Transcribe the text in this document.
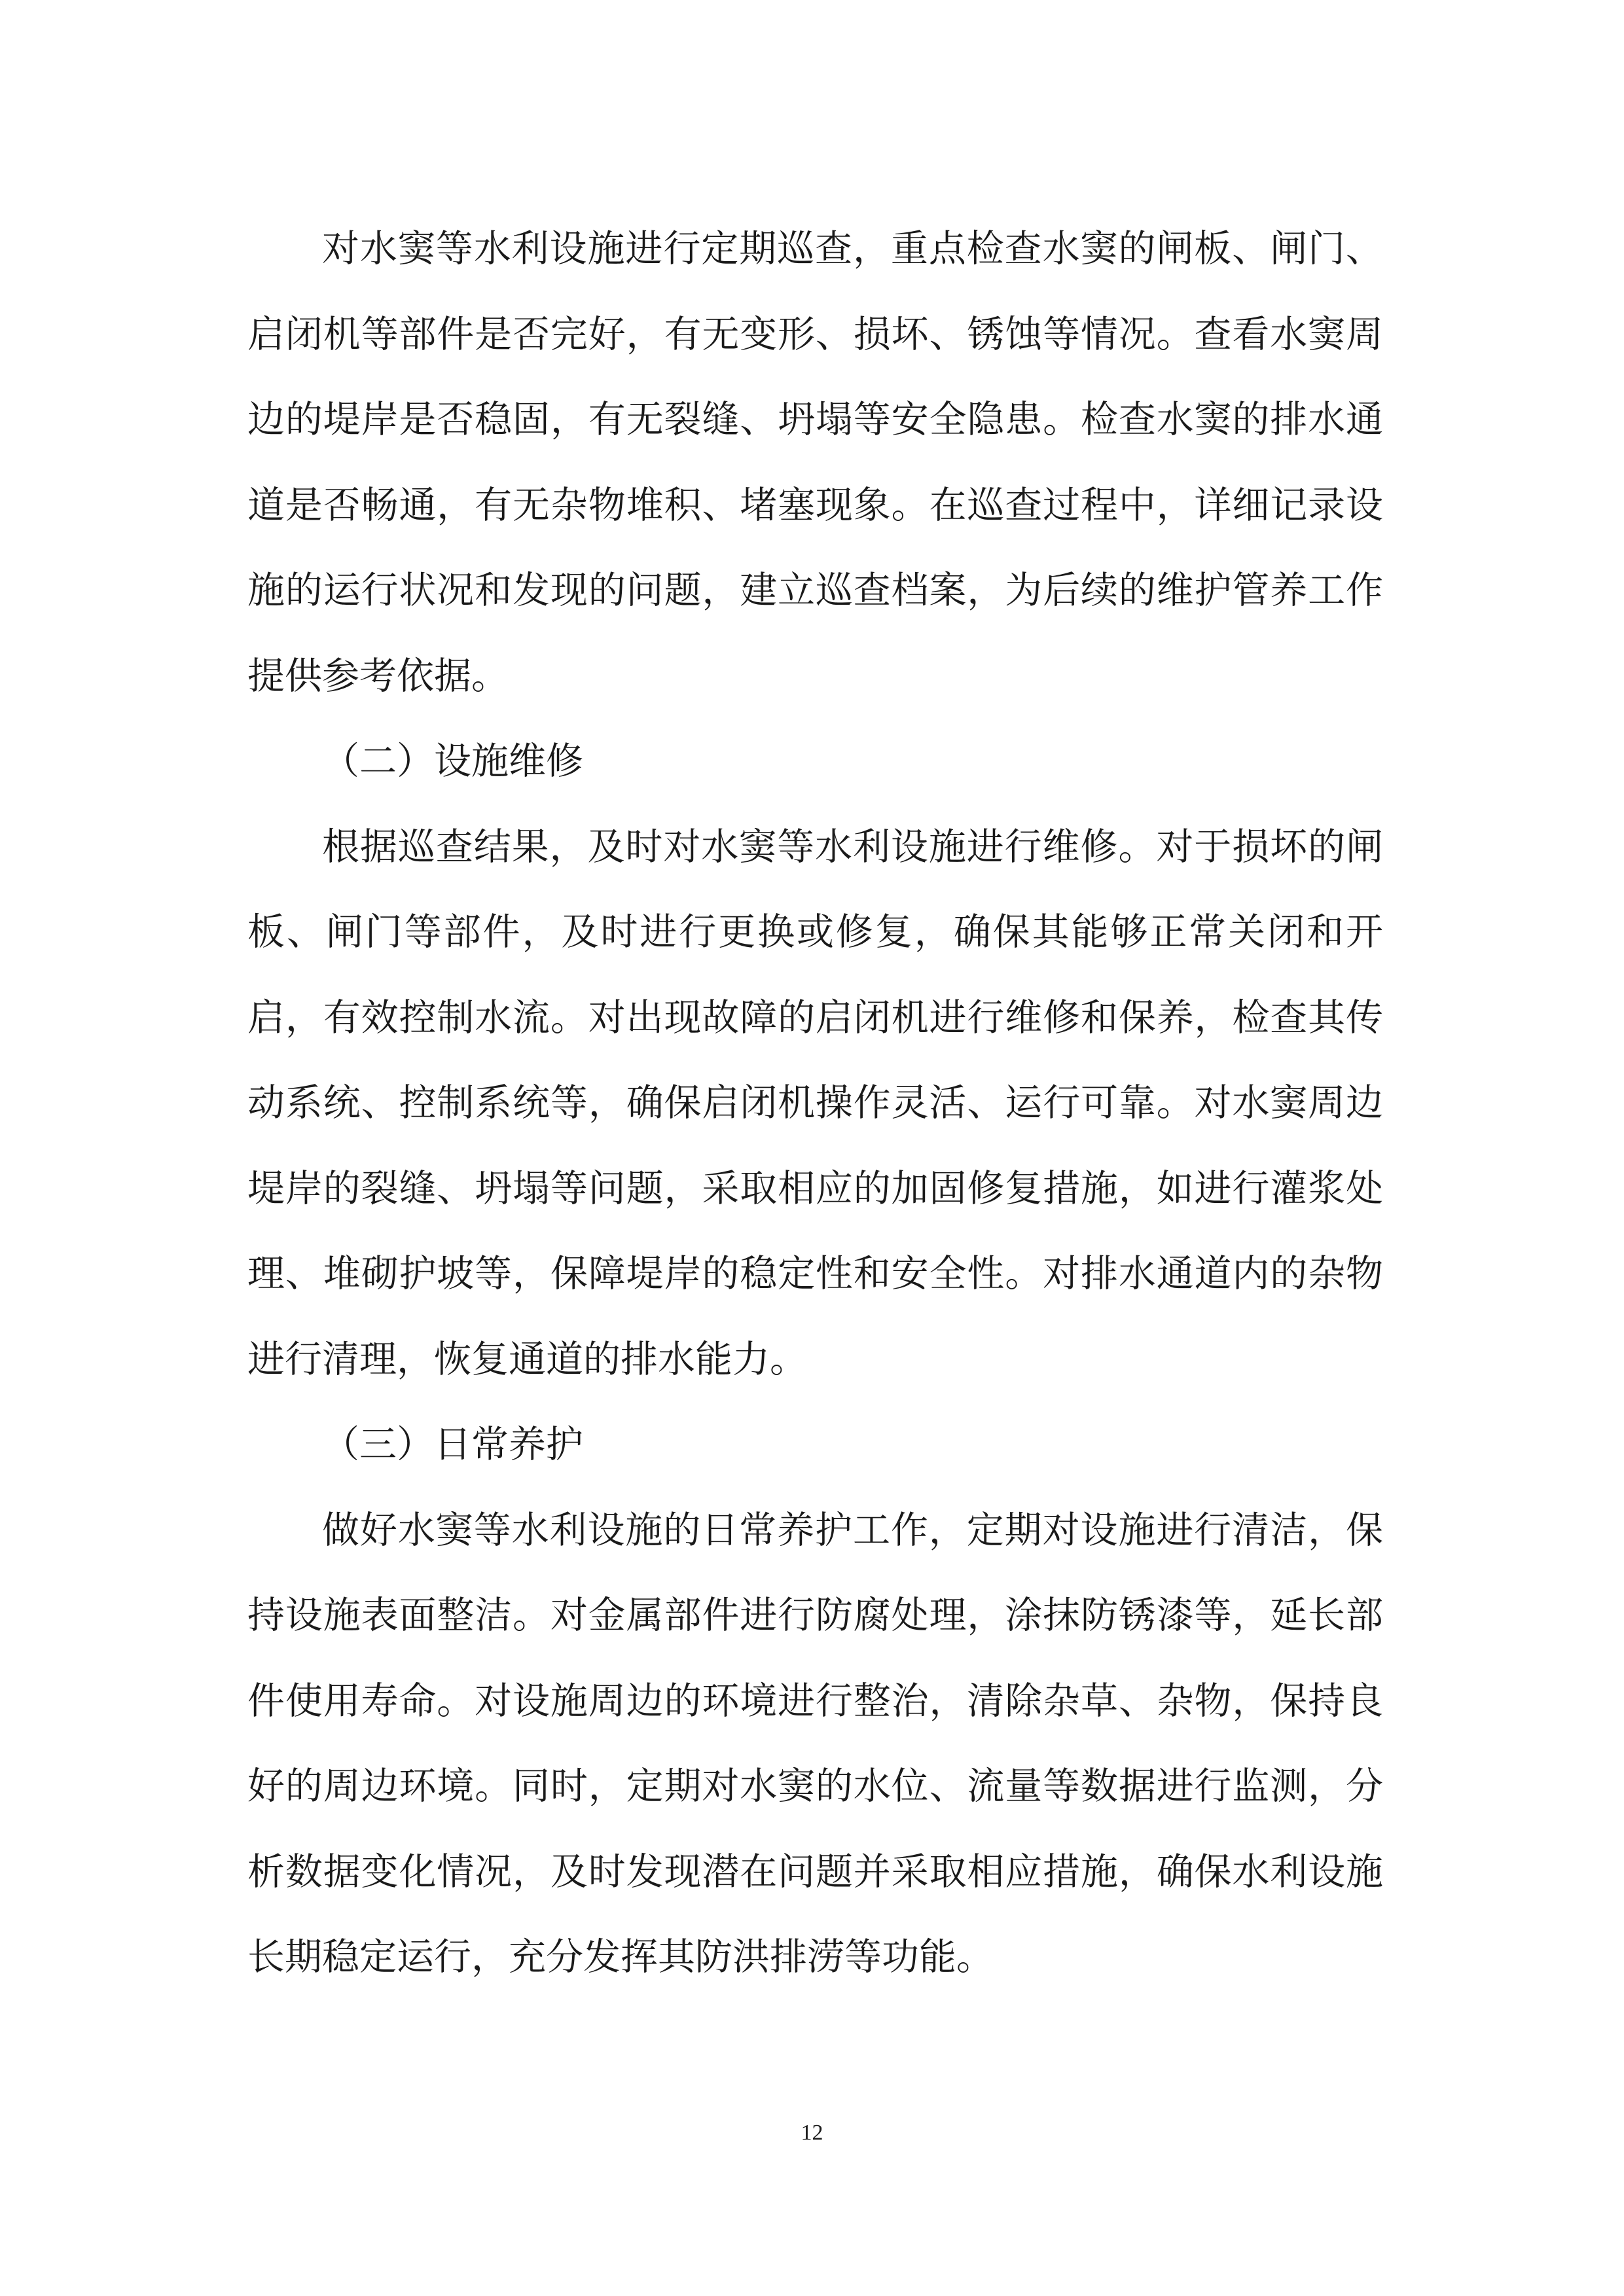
对水窦等水利设施进行定期巡查，重点检查水窦的闸板、闸门、启闭机等部件是否完好，有无变形、损坏、锈蚀等情况。查看水窦周边的堤岸是否稳固，有无裂缝、坍塌等安全隐患。检查水窦的排水通道是否畅通，有无杂物堆积、堵塞现象。在巡查过程中，详细记录设施的运行状况和发现的问题，建立巡查档案，为后续的维护管养工作提供参考依据。

（二）设施维修

根据巡查结果，及时对水窦等水利设施进行维修。对于损坏的闸板、闸门等部件，及时进行更换或修复，确保其能够正常关闭和开启，有效控制水流。对出现故障的启闭机进行维修和保养，检查其传动系统、控制系统等，确保启闭机操作灵活、运行可靠。对水窦周边堤岸的裂缝、坍塌等问题，采取相应的加固修复措施，如进行灌浆处理、堆砌护坡等，保障堤岸的稳定性和安全性。对排水通道内的杂物进行清理，恢复通道的排水能力。

（三）日常养护

做好水窦等水利设施的日常养护工作，定期对设施进行清洁，保持设施表面整洁。对金属部件进行防腐处理，涂抹防锈漆等，延长部件使用寿命。对设施周边的环境进行整治，清除杂草、杂物，保持良好的周边环境。同时，定期对水窦的水位、流量等数据进行监测，分析数据变化情况，及时发现潜在问题并采取相应措施，确保水利设施长期稳定运行，充分发挥其防洪排涝等功能。

12
